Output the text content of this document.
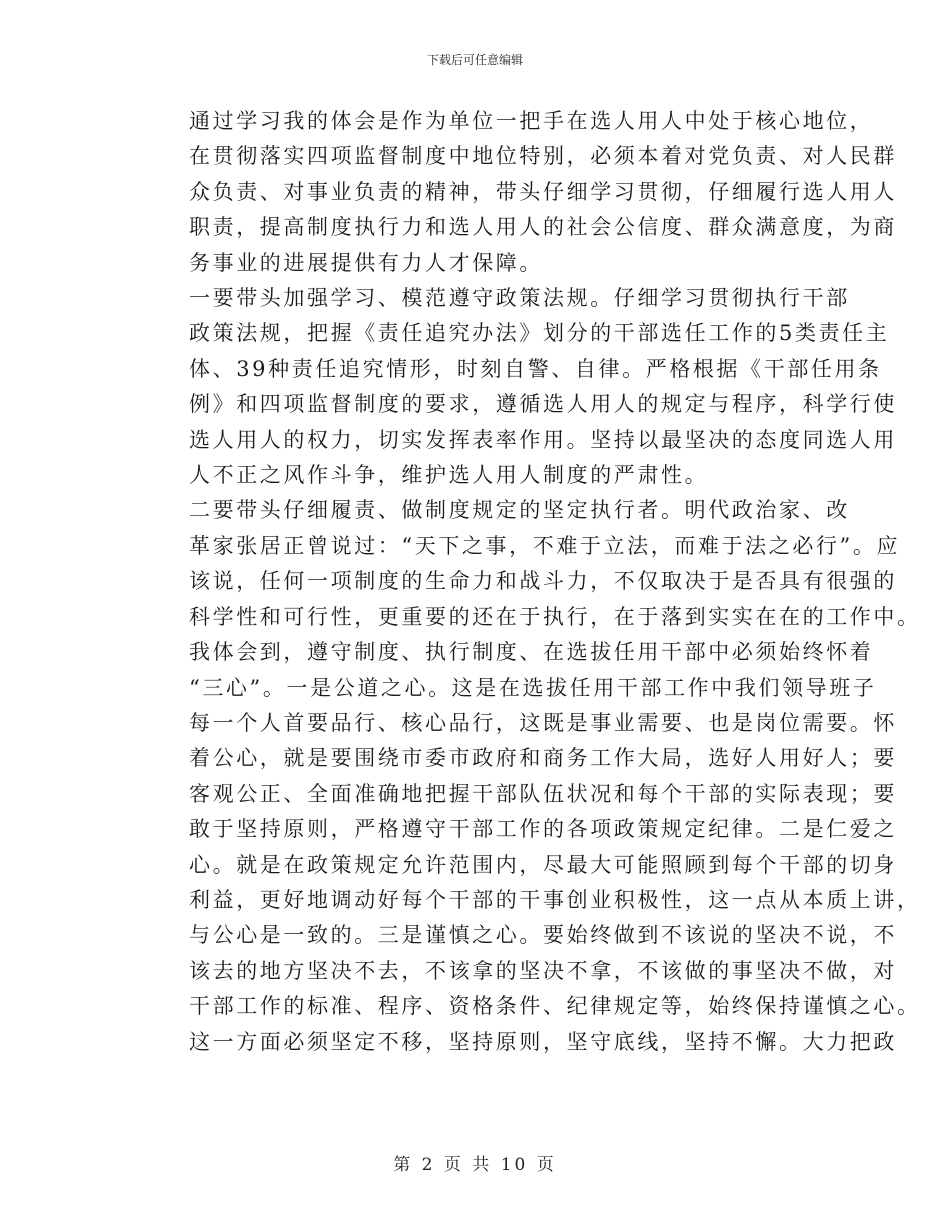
下载后可任意编辑

通过学习我的体会是作为单位一把手在选人用人中处于核心地位，
在贯彻落实四项监督制度中地位特别，必须本着对党负责、对人民群
众负责、对事业负责的精神，带头仔细学习贯彻，仔细履行选人用人
职责，提高制度执行力和选人用人的社会公信度、群众满意度，为商
务事业的进展提供有力人才保障。

一要带头加强学习、模范遵守政策法规。仔细学习贯彻执行干部
政策法规，把握《责任追究办法》划分的干部选任工作的5类责任主
体、39种责任追究情形，时刻自警、自律。严格根据《干部任用条
例》和四项监督制度的要求，遵循选人用人的规定与程序，科学行使
选人用人的权力，切实发挥表率作用。坚持以最坚决的态度同选人用
人不正之风作斗争，维护选人用人制度的严肃性。

二要带头仔细履责、做制度规定的坚定执行者。明代政治家、改
革家张居正曾说过：“天下之事，不难于立法，而难于法之必行”。应
该说，任何一项制度的生命力和战斗力，不仅取决于是否具有很强的
科学性和可行性，更重要的还在于执行，在于落到实实在在的工作中。
我体会到，遵守制度、执行制度、在选拔任用干部中必须始终怀着
“三心”。一是公道之心。这是在选拔任用干部工作中我们领导班子
每一个人首要品行、核心品行，这既是事业需要、也是岗位需要。怀
着公心，就是要围绕市委市政府和商务工作大局，选好人用好人；要
客观公正、全面准确地把握干部队伍状况和每个干部的实际表现；要
敢于坚持原则，严格遵守干部工作的各项政策规定纪律。二是仁爱之
心。就是在政策规定允许范围内，尽最大可能照顾到每个干部的切身
利益，更好地调动好每个干部的干事创业积极性，这一点从本质上讲，
与公心是一致的。三是谨慎之心。要始终做到不该说的坚决不说，不
该去的地方坚决不去，不该拿的坚决不拿，不该做的事坚决不做，对
干部工作的标准、程序、资格条件、纪律规定等，始终保持谨慎之心。
这一方面必须坚定不移，坚持原则，坚守底线，坚持不懈。大力把政

第 2 页 共 10 页
